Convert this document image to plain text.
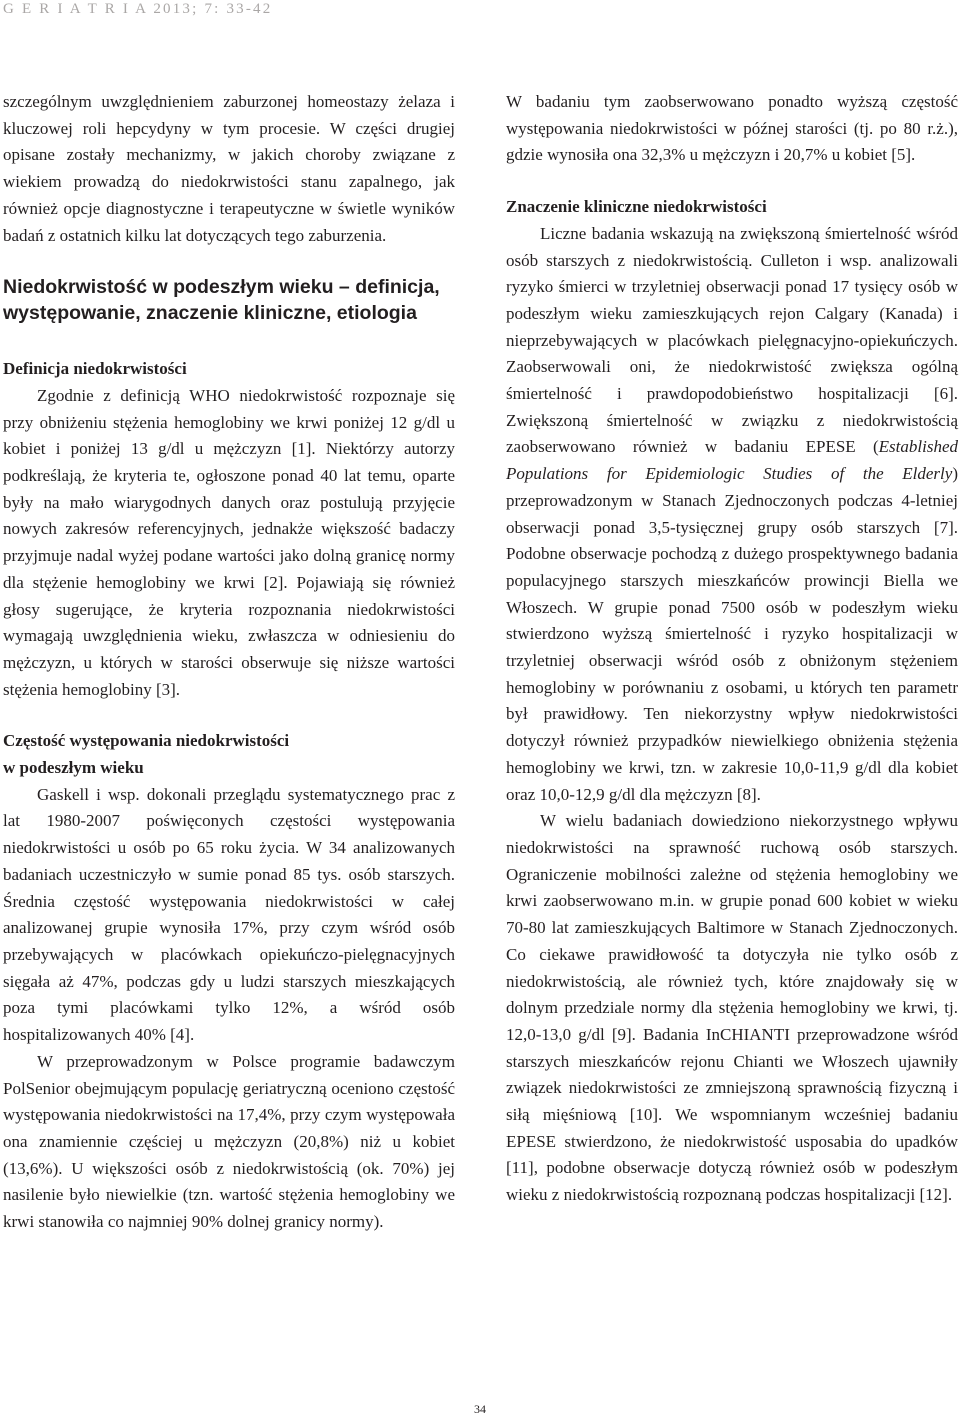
G E R I A T R I A 2013; 7: 33-42

szczególnym uwzględnieniem zaburzonej homeostazy żelaza i kluczowej roli hepcydyny w tym procesie. W części drugiej opisane zostały mechanizmy, w jakich choroby związane z wiekiem prowadzą do niedokrwistości stanu zapalnego, jak również opcje diagnostyczne i terapeutyczne w świetle wyników badań z ostatnich kilku lat dotyczących tego zaburzenia.

Niedokrwistość w podeszłym wieku – definicja, występowanie, znaczenie kliniczne, etiologia
Definicja niedokrwistości

Zgodnie z definicją WHO niedokrwistość rozpoznaje się przy obniżeniu stężenia hemoglobiny we krwi poniżej 12 g/dl u kobiet i poniżej 13 g/dl u mężczyzn [1]. Niektórzy autorzy podkreślają, że kryteria te, ogłoszone ponad 40 lat temu, oparte były na mało wiarygodnych danych oraz postulują przyjęcie nowych zakresów referencyjnych, jednakże większość badaczy przyjmuje nadal wyżej podane wartości jako dolną granicę normy dla stężenie hemoglobiny we krwi [2]. Pojawiają się również głosy sugerujące, że kryteria rozpoznania niedokrwistości wymagają uwzględnienia wieku, zwłaszcza w odniesieniu do mężczyzn, u których w starości obserwuje się niższe wartości stężenia hemoglobiny [3].

Częstość występowania niedokrwistości
w podeszłym wieku

Gaskell i wsp. dokonali przeglądu systematycznego prac z lat 1980-2007 poświęconych częstości występowania niedokrwistości u osób po 65 roku życia. W 34 analizowanych badaniach uczestniczyło w sumie ponad 85 tys. osób starszych. Średnia częstość występowania niedokrwistości w całej analizowanej grupie wynosiła 17%, przy czym wśród osób przebywających w placówkach opiekuńczo-pielęgnacyjnych sięgała aż 47%, podczas gdy u ludzi starszych mieszkających poza tymi placówkami tylko 12%, a wśród osób hospitalizowanych 40% [4].

W przeprowadzonym w Polsce programie badawczym PolSenior obejmującym populację geriatryczną oceniono częstość występowania niedokrwistości na 17,4%, przy czym występowała ona znamiennie częściej u mężczyzn (20,8%) niż u kobiet (13,6%). U większości osób z niedokrwistością (ok. 70%) jej nasilenie było niewielkie (tzn. wartość stężenia hemoglobiny we krwi stanowiła co najmniej 90% dolnej granicy normy).

W badaniu tym zaobserwowano ponadto wyższą częstość występowania niedokrwistości w późnej starości (tj. po 80 r.ż.), gdzie wynosiła ona 32,3% u mężczyzn i 20,7% u kobiet [5].

Znaczenie kliniczne niedokrwistości

Liczne badania wskazują na zwiększoną śmiertelność wśród osób starszych z niedokrwistością. Culleton i wsp. analizowali ryzyko śmierci w trzyletniej obserwacji ponad 17 tysięcy osób w podeszłym wieku zamieszkujących rejon Calgary (Kanada) i nieprzebywających w placówkach pielęgnacyjno-opiekuńczych. Zaobserwowali oni, że niedokrwistość zwiększa ogólną śmiertelność i prawdopodobieństwo hospitalizacji [6]. Zwiększoną śmiertelność w związku z niedokrwistością zaobserwowano również w badaniu EPESE (Established Populations for Epidemiologic Studies of the Elderly) przeprowadzonym w Stanach Zjednoczonych podczas 4-letniej obserwacji ponad 3,5-tysięcznej grupy osób starszych [7]. Podobne obserwacje pochodzą z dużego prospektywnego badania populacyjnego starszych mieszkańców prowincji Biella we Włoszech. W grupie ponad 7500 osób w podeszłym wieku stwierdzono wyższą śmiertelność i ryzyko hospitalizacji w trzyletniej obserwacji wśród osób z obniżonym stężeniem hemoglobiny w porównaniu z osobami, u których ten parametr był prawidłowy. Ten niekorzystny wpływ niedokrwistości dotyczył również przypadków niewielkiego obniżenia stężenia hemoglobiny we krwi, tzn. w zakresie 10,0-11,9 g/dl dla kobiet oraz 10,0-12,9 g/dl dla mężczyzn [8].

W wielu badaniach dowiedziono niekorzystnego wpływu niedokrwistości na sprawność ruchową osób starszych. Ograniczenie mobilności zależne od stężenia hemoglobiny we krwi zaobserwowano m.in. w grupie ponad 600 kobiet w wieku 70-80 lat zamieszkujących Baltimore w Stanach Zjednoczonych. Co ciekawe prawidłowość ta dotyczyła nie tylko osób z niedokrwistością, ale również tych, które znajdowały się w dolnym przedziale normy dla stężenia hemoglobiny we krwi, tj. 12,0-13,0 g/dl [9]. Badania InCHIANTI przeprowadzone wśród starszych mieszkańców rejonu Chianti we Włoszech ujawniły związek niedokrwistości ze zmniejszoną sprawnością fizyczną i siłą mięśniową [10]. We wspomnianym wcześniej badaniu EPESE stwierdzono, że niedokrwistość usposabia do upadków [11], podobne obserwacje dotyczą również osób w podeszłym wieku z niedokrwistością rozpoznaną podczas hospitalizacji [12].

34
